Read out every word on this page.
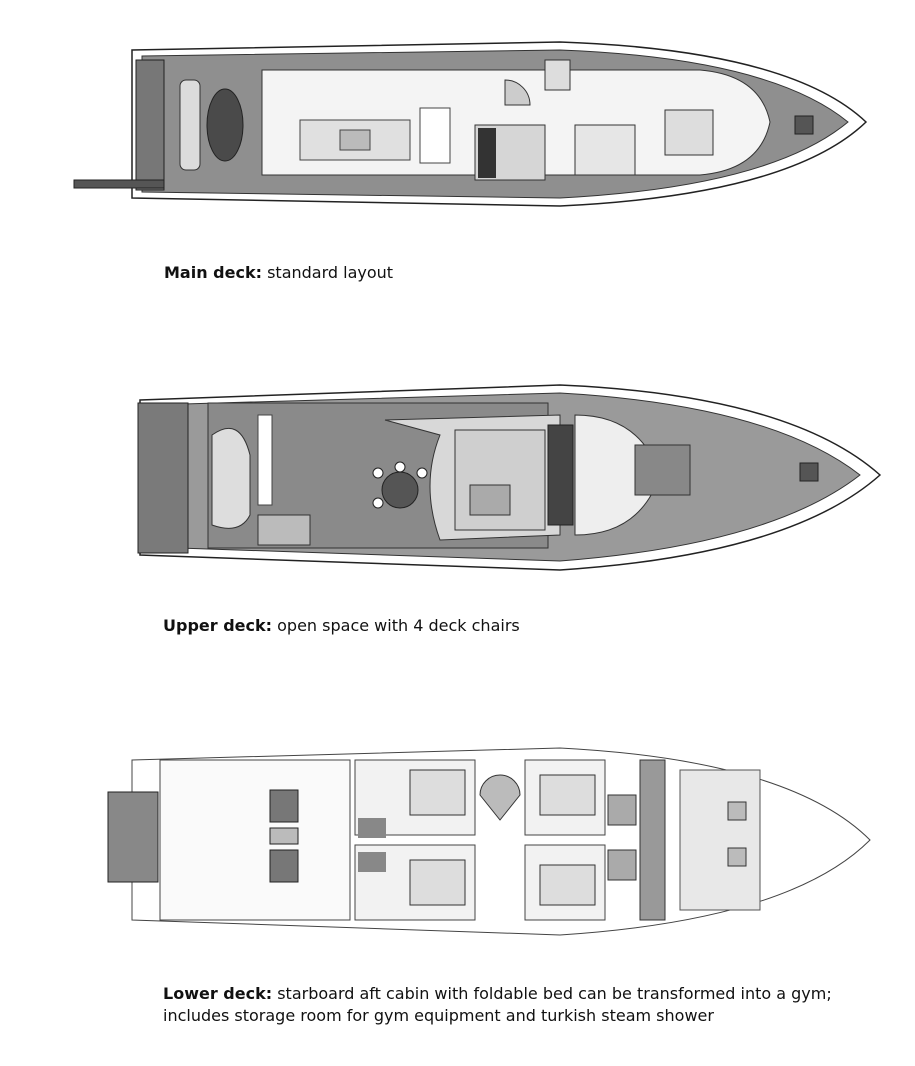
Main deck: standard layout
Upper deck: open space with 4 deck chairs
Lower deck: starboard aft cabin with foldable bed can be transformed into a gym; includes storage room for gym equipment and turkish steam shower
